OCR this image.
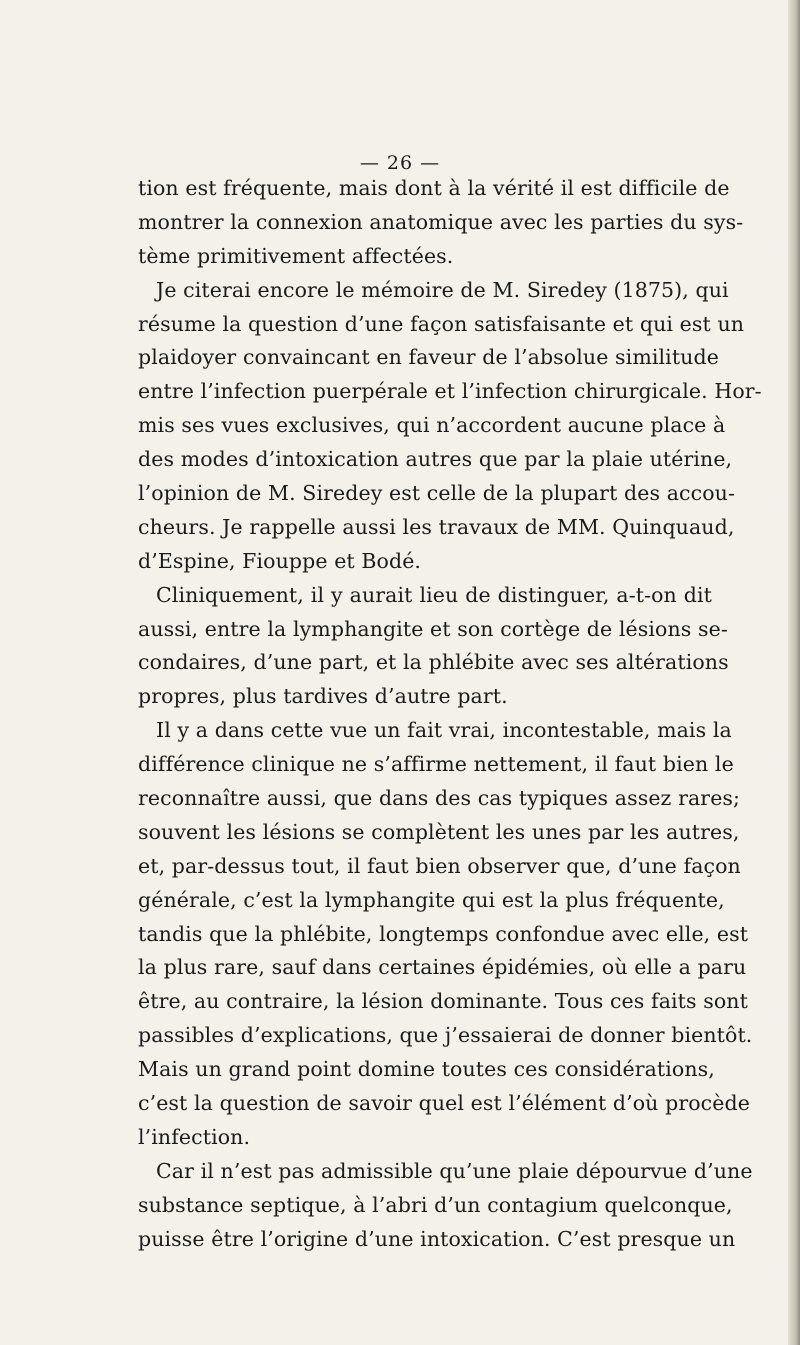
— 26 —
tion est fréquente, mais dont à la vérité il est difficile de
montrer la connexion anatomique avec les parties du sys-
tème primitivement affectées.
Je citerai encore le mémoire de M. Siredey (1875), qui
résume la question d’une façon satisfaisante et qui est un
plaidoyer convaincant en faveur de l’absolue similitude
entre l’infection puerpérale et l’infection chirurgicale. Hor-
mis ses vues exclusives, qui n’accordent aucune place à
des modes d’intoxication autres que par la plaie utérine,
l’opinion de M. Siredey est celle de la plupart des accou-
cheurs. Je rappelle aussi les travaux de MM. Quinquaud,
d’Espine, Fiouppe et Bodé.
Cliniquement, il y aurait lieu de distinguer, a-t-on dit
aussi, entre la lymphangite et son cortège de lésions se-
condaires, d’une part, et la phlébite avec ses altérations
propres, plus tardives d’autre part.
Il y a dans cette vue un fait vrai, incontestable, mais la
différence clinique ne s’affirme nettement, il faut bien le
reconnaître aussi, que dans des cas typiques assez rares;
souvent les lésions se complètent les unes par les autres,
et, par-dessus tout, il faut bien observer que, d’une façon
générale, c’est la lymphangite qui est la plus fréquente,
tandis que la phlébite, longtemps confondue avec elle, est
la plus rare, sauf dans certaines épidémies, où elle a paru
être, au contraire, la lésion dominante. Tous ces faits sont
passibles d’explications, que j’essaierai de donner bientôt.
Mais un grand point domine toutes ces considérations,
c’est la question de savoir quel est l’élément d’où procède
l’infection.
Car il n’est pas admissible qu’une plaie dépourvue d’une
substance septique, à l’abri d’un contagium quelconque,
puisse être l’origine d’une intoxication. C’est presque un
